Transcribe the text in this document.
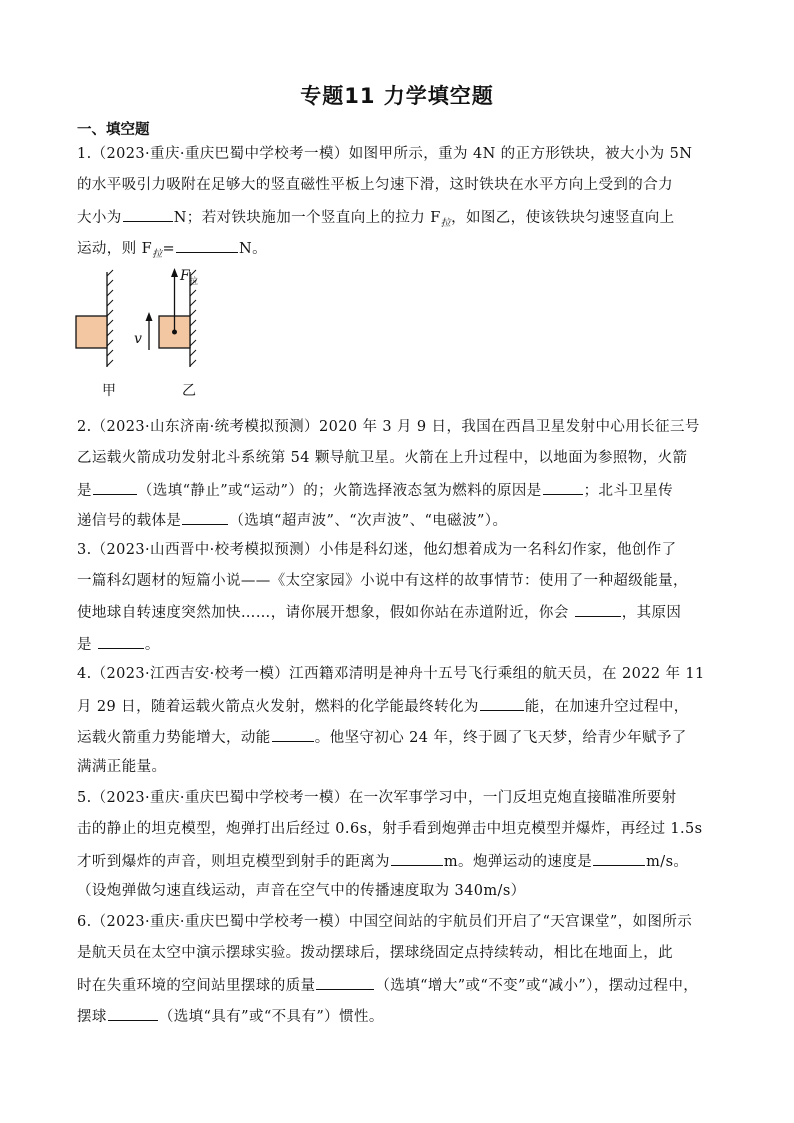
专题11 力学填空题
一、填空题
1.（2023·重庆·重庆巴蜀中学校考一模）如图甲所示，重为 4N 的正方形铁块，被大小为 5N
的水平吸引力吸附在足够大的竖直磁性平板上匀速下滑，这时铁块在水平方向上受到的合力
大小为	N；若对铁块施加一个竖直向上的拉力 $F_拉$，如图乙，使该铁块匀速竖直向上
运动，则 $F_拉=$	N。
F 拉
v
甲	乙
2.（2023·山东济南·统考模拟预测）2020 年 3 月 9 日，我国在西昌卫星发射中心用长征三号
乙运载火箭成功发射北斗系统第 54 颗导航卫星。火箭在上升过程中，以地面为参照物，火箭
是	（选填“静止”或“运动”）的；火箭选择液态氢为燃料的原因是	；北斗卫星传
递信号的载体是	（选填“超声波”、“次声波”、“电磁波”）。
3.（2023·山西晋中·校考模拟预测）小伟是科幻迷，他幻想着成为一名科幻作家，他创作了
一篇科幻题材的短篇小说——《太空家园》小说中有这样的故事情节：使用了一种超级能量，
使地球自转速度突然加快……，请你展开想象，假如你站在赤道附近，你会	，其原因
是	。
4.（2023·江西吉安·校考一模）江西籍邓清明是神舟十五号飞行乘组的航天员，在 2022 年 11
月 29 日，随着运载火箭点火发射，燃料的化学能最终转化为	能，在加速升空过程中，
运载火箭重力势能增大，动能	。他坚守初心 24 年，终于圆了飞天梦，给青少年赋予了
满满正能量。
5.（2023·重庆·重庆巴蜀中学校考一模）在一次军事学习中，一门反坦克炮直接瞄准所要射
击的静止的坦克模型，炮弹打出后经过 0.6s，射手看到炮弹击中坦克模型并爆炸，再经过 1.5s
才听到爆炸的声音，则坦克模型到射手的距离为	m。炮弹运动的速度是	m/s。
（设炮弹做匀速直线运动，声音在空气中的传播速度取为 340m/s）
6.（2023·重庆·重庆巴蜀中学校考一模）中国空间站的宇航员们开启了“天宫课堂”，如图所示
是航天员在太空中演示摆球实验。拨动摆球后，摆球绕固定点持续转动，相比在地面上，此
时在失重环境的空间站里摆球的质量	（选填“增大”或“不变”或“减小”），摆动过程中，
摆球	（选填“具有”或“不具有”）惯性。
